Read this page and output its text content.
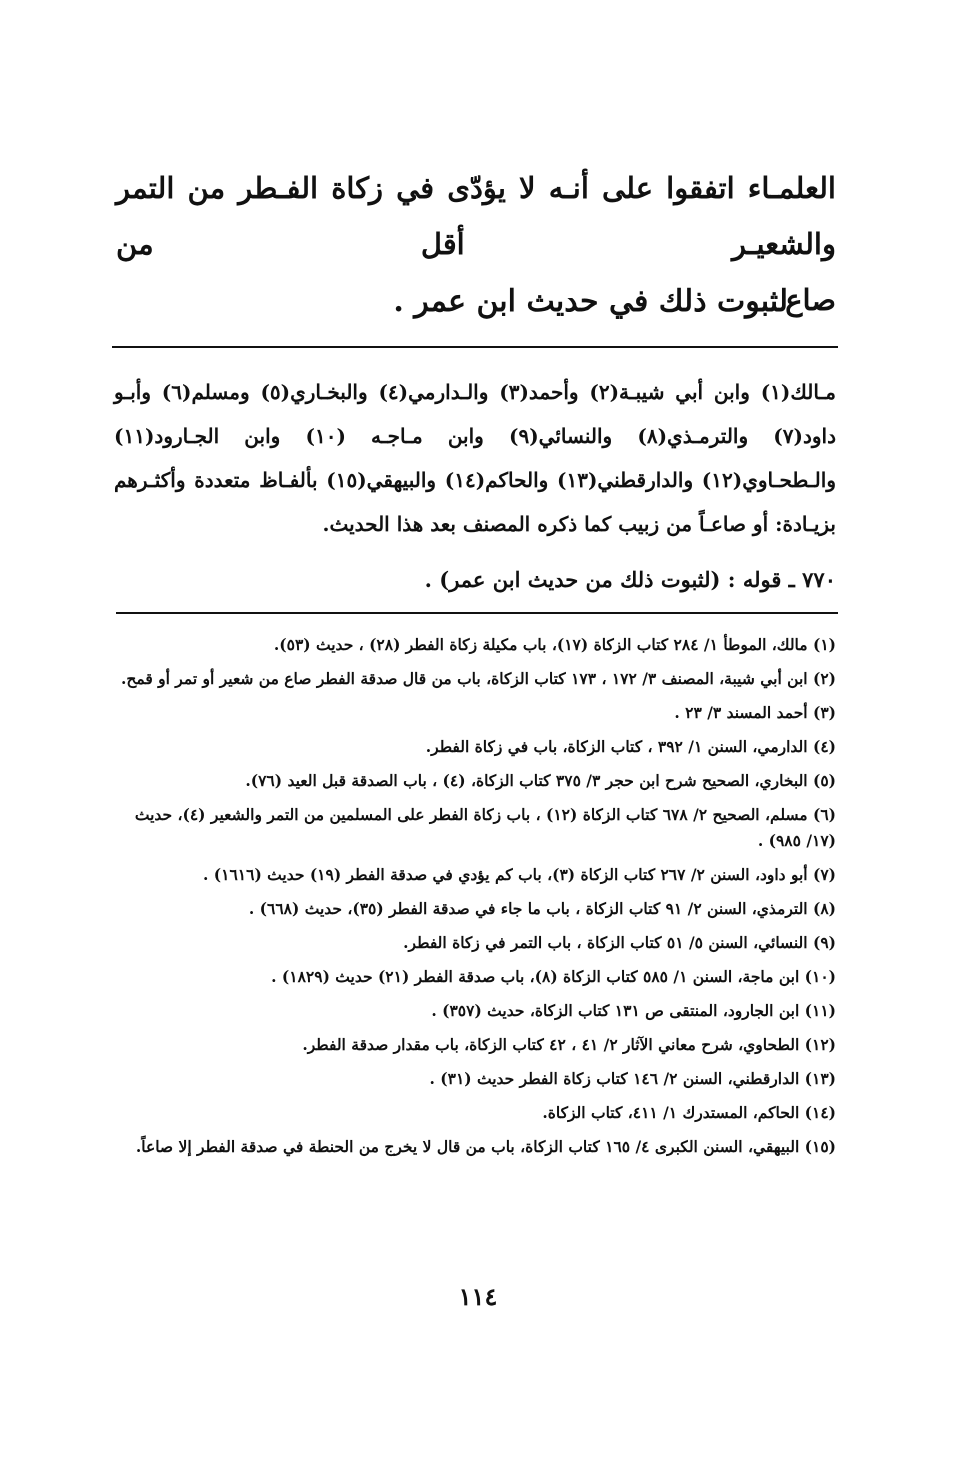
العلمـاء اتفقوا على أنـه لا يؤدّى في زكاة الفـطر من التمر والشعيـر أقل من

صاع

لثبوت ذلك في حديث ابن عمر .
مـالك(١) وابن أبي شيبـة(٢) وأحمد(٣) والـدارمي(٤) والبخـاري(٥) ومسلم(٦) وأبـو داود(٧) والترمـذي(٨) والنسائي(٩) وابن مـاجـه (١٠) وابن الجـارود(١١) والـطحـاوي(١٢) والدارقطني(١٣) والحاكم(١٤) والبيهقي(١٥) بألفـاظ متعددة وأكثـرهم بزيـادة: أو صاعـاً من زبيب كما ذكره المصنف بعد هذا الحديث.
٧٧٠ ـ قوله : (لثبوت ذلك من حديث ابن عمر) .

(١) مالك، الموطأ ١/ ٢٨٤ كتاب الزكاة (١٧)، باب مكيلة زكاة الفطر (٢٨) ، حديث (٥٣).

(٢) ابن أبي شيبة، المصنف ٣/ ١٧٢ ، ١٧٣ كتاب الزكاة، باب من قال صدقة الفطر صاع من شعير أو تمر أو قمح.

(٣) أحمد المسند ٣/ ٢٣ .

(٤) الدارمي، السنن ١/ ٣٩٢ ، كتاب الزكاة، باب في زكاة الفطر.

(٥) البخاري، الصحيح شرح ابن حجر ٣/ ٣٧٥ كتاب الزكاة، (٤) ، باب الصدقة قبل العيد (٧٦).

(٦) مسلم، الصحيح ٢/ ٦٧٨ كتاب الزكاة (١٢) ، باب زكاة الفطر على المسلمين من التمر والشعير (٤)، حديث (١٧/ ٩٨٥) .

(٧) أبو داود، السنن ٢/ ٢٦٧ كتاب الزكاة (٣)، باب كم يؤدي في صدقة الفطر (١٩) حديث (١٦١٦) .

(٨) الترمذي، السنن ٢/ ٩١ كتاب الزكاة ، باب ما جاء في صدقة الفطر (٣٥)، حديث (٦٦٨) .

(٩) النسائي، السنن ٥/ ٥١ كتاب الزكاة ، باب التمر في زكاة الفطر.

(١٠) ابن ماجة، السنن ١/ ٥٨٥ كتاب الزكاة (٨)، باب صدقة الفطر (٢١) حديث (١٨٢٩) .

(١١) ابن الجارود، المنتقى ص ١٣١ كتاب الزكاة، حديث (٣٥٧) .

(١٢) الطحاوي، شرح معاني الآثار ٢/ ٤١ ، ٤٢ كتاب الزكاة، باب مقدار صدقة الفطر.

(١٣) الدارقطني، السنن ٢/ ١٤٦ كتاب زكاة الفطر حديث (٣١) .

(١٤) الحاكم، المستدرك ١/ ٤١١، كتاب الزكاة.

(١٥) البيهقي، السنن الكبرى ٤/ ١٦٥ كتاب الزكاة، باب من قال لا يخرج من الحنطة في صدقة الفطر إلا صاعاً.

١١٤
